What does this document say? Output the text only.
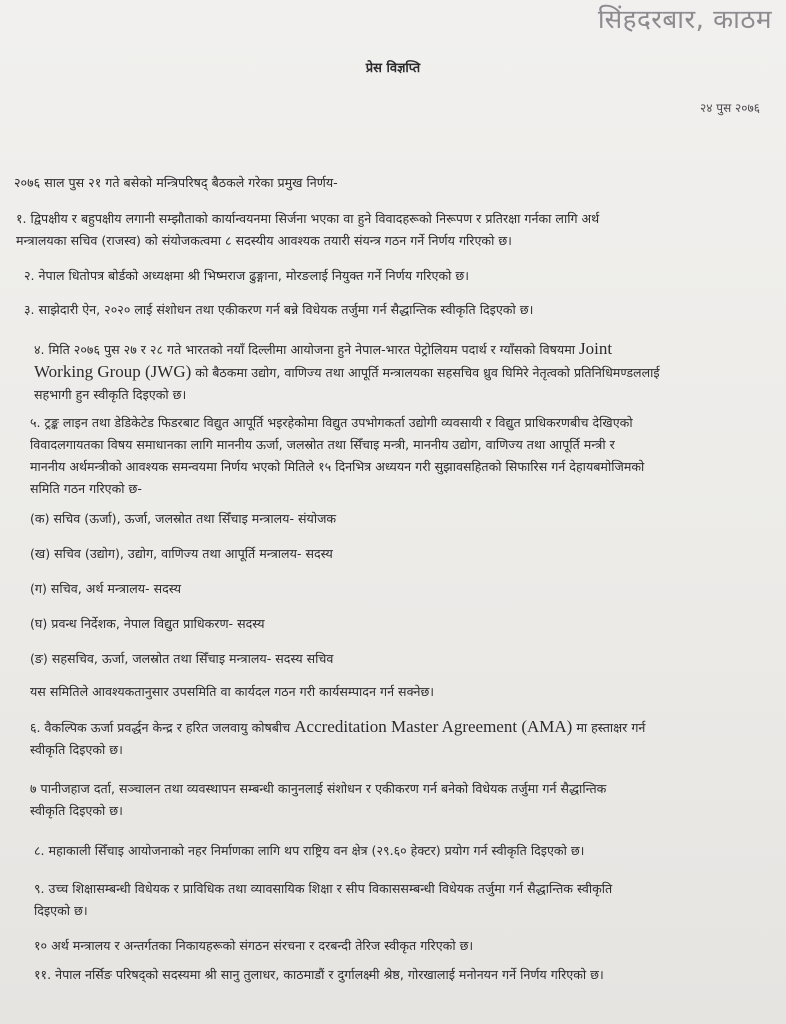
सिंहदरबार, काठम
प्रेस विज्ञप्ति
२४ पुस २०७६
२०७६ साल पुस २१ गते बसेको मन्त्रिपरिषद् बैठकले गरेका प्रमुख निर्णय-
१. द्विपक्षीय र बहुपक्षीय लगानी सम्झौताको कार्यान्वयनमा सिर्जना भएका वा हुने विवादहरूको निरूपण र प्रतिरक्षा गर्नका लागि अर्थ
मन्त्रालयका सचिव (राजस्व) को संयोजकत्वमा ८ सदस्यीय आवश्यक तयारी संयन्त्र गठन गर्ने निर्णय गरिएको छ।
२. नेपाल धितोपत्र बोर्डको अध्यक्षमा श्री भिष्मराज ढुङ्गाना, मोरङलाई नियुक्त गर्ने निर्णय गरिएको छ।
३. साझेदारी ऐन, २०२० लाई संशोधन तथा एकीकरण गर्न बन्ने विधेयक तर्जुमा गर्न सैद्धान्तिक स्वीकृति दिइएको छ।
४. मिति २०७६ पुस २७ र २८ गते भारतको नयाँ दिल्लीमा आयोजना हुने नेपाल-भारत पेट्रोलियम पदार्थ र ग्याँसको विषयमा Joint
Working Group (JWG) को बैठकमा उद्योग, वाणिज्य तथा आपूर्ति मन्त्रालयका सहसचिव ध्रुव घिमिरे नेतृत्वको प्रतिनिधिमण्डललाई
सहभागी हुन स्वीकृति दिइएको छ।
५. ट्रङ्क लाइन तथा डेडिकेटेड फिडरबाट विद्युत आपूर्ति भइरहेकोमा विद्युत उपभोगकर्ता उद्योगी व्यवसायी र विद्युत प्राधिकरणबीच देखिएको
विवादलगायतका विषय समाधानका लागि माननीय ऊर्जा, जलस्रोत तथा सिँचाइ मन्त्री, माननीय उद्योग, वाणिज्य तथा आपूर्ति मन्त्री र
माननीय अर्थमन्त्रीको आवश्यक समन्वयमा निर्णय भएको मितिले १५ दिनभित्र अध्ययन गरी सुझावसहितको सिफारिस गर्न देहायबमोजिमको
समिति गठन गरिएको छ-
(क) सचिव (ऊर्जा), ऊर्जा, जलस्रोत तथा सिँचाइ मन्त्रालय- संयोजक
(ख) सचिव (उद्योग), उद्योग, वाणिज्य तथा आपूर्ति मन्त्रालय- सदस्य
(ग) सचिव, अर्थ मन्त्रालय- सदस्य
(घ) प्रवन्ध निर्देशक, नेपाल विद्युत प्राधिकरण- सदस्य
(ङ) सहसचिव, ऊर्जा, जलस्रोत तथा सिँचाइ मन्त्रालय- सदस्य सचिव
यस समितिले आवश्यकतानुसार उपसमिति वा कार्यदल गठन गरी कार्यसम्पादन गर्न सक्नेछ।
६. वैकल्पिक ऊर्जा प्रवर्द्धन केन्द्र र हरित जलवायु कोषबीच Accreditation Master Agreement (AMA) मा हस्ताक्षर गर्न
स्वीकृति दिइएको छ।
७ पानीजहाज दर्ता, सञ्चालन तथा व्यवस्थापन सम्बन्धी कानुनलाई संशोधन र एकीकरण गर्न बनेको विधेयक तर्जुमा गर्न सैद्धान्तिक
स्वीकृति दिइएको छ।
८. महाकाली सिँचाइ आयोजनाको नहर निर्माणका लागि थप राष्ट्रिय वन क्षेत्र (२९.६० हेक्टर) प्रयोग गर्न स्वीकृति दिइएको छ।
९. उच्च शिक्षासम्बन्धी विधेयक र प्राविधिक तथा व्यावसायिक शिक्षा र सीप विकाससम्बन्धी विधेयक तर्जुमा गर्न सैद्धान्तिक स्वीकृति
दिइएको छ।
१० अर्थ मन्त्रालय र अन्तर्गतका निकायहरूको संगठन संरचना र दरबन्दी तेरिज स्वीकृत गरिएको छ।
११. नेपाल नर्सिङ परिषद्को सदस्यमा श्री सानु तुलाधर, काठमाडौं र दुर्गालक्ष्मी श्रेष्ठ, गोरखालाई मनोनयन गर्ने निर्णय गरिएको छ।
